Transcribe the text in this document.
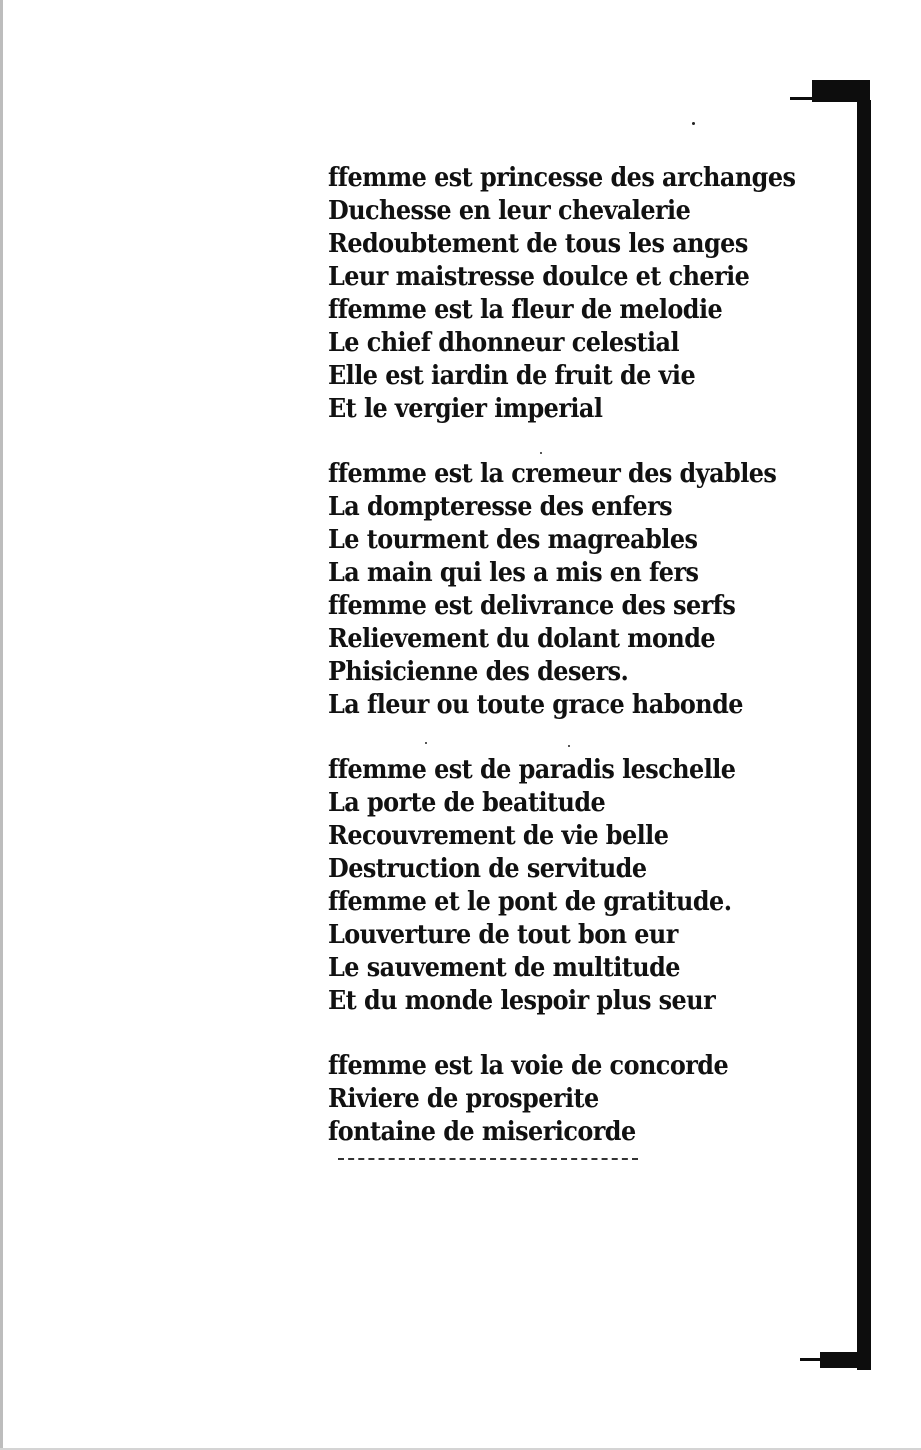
ffemme est princesse des archanges
Duchesse en leur chevalerie
Redoubtement de tous les anges
Leur maistresse doulce et cherie
ffemme est la fleur de melodie
Le chief dhonneur celestial
Elle est iardin de fruit de vie
Et le vergier imperial
ffemme est la cremeur des dyables
La dompteresse des enfers
Le tourment des magreables
La main qui les a mis en fers
ffemme est delivrance des serfs
Relievement du dolant monde
Phisicienne des desers.
La fleur ou toute grace habonde
ffemme est de paradis leschelle
La porte de beatitude
Recouvrement de vie belle
Destruction de servitude
ffemme et le pont de gratitude.
Louverture de tout bon eur
Le sauvement de multitude
Et du monde lespoir plus seur
ffemme est la voie de concorde
Riviere de prosperite
fontaine de misericorde
